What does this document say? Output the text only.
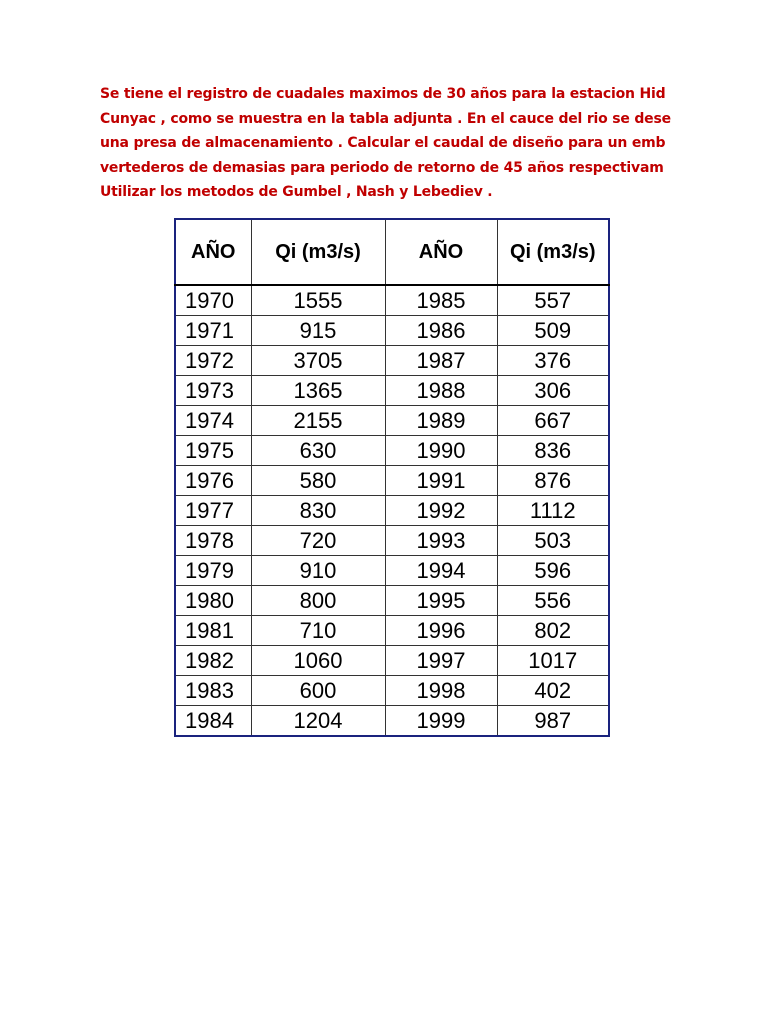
Se tiene el registro de cuadales maximos de 30 años para la estacion Hid
Cunyac , como se muestra en la tabla adjunta . En el cauce del rio se dese
una presa de almacenamiento . Calcular el caudal de diseño para un emb
vertederos de demasias para periodo de retorno de 45 años respectivam
Utilizar los metodos de Gumbel , Nash y Lebediev .
AÑO	Qi (m3/s)	AÑO	Qi (m3/s)
1970	1555	1985	557
1971	915	1986	509
1972	3705	1987	376
1973	1365	1988	306
1974	2155	1989	667
1975	630	1990	836
1976	580	1991	876
1977	830	1992	1112
1978	720	1993	503
1979	910	1994	596
1980	800	1995	556
1981	710	1996	802
1982	1060	1997	1017
1983	600	1998	402
1984	1204	1999	987
